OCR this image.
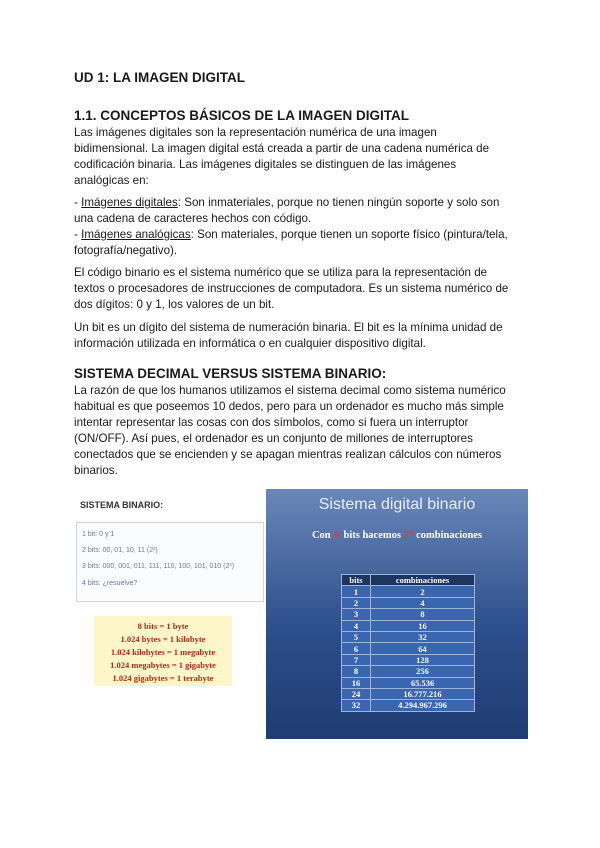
UD 1: LA IMAGEN DIGITAL
1.1. CONCEPTOS BÁSICOS DE LA IMAGEN DIGITAL

Las imágenes digitales son la representación numérica de una imagen

bidimensional. La imagen digital está creada a partir de una cadena numérica de

codificación binaria. Las imágenes digitales se distinguen de las imágenes

analógicas en:

- Imágenes digitales: Son inmateriales, porque no tienen ningún soporte y solo son

una cadena de caracteres hechos con código.

- Imágenes analógicas: Son materiales, porque tienen un soporte físico (pintura/tela,

fotografía/negativo).

El código binario es el sistema numérico que se utiliza para la representación de

textos o procesadores de instrucciones de computadora. Es un sistema numérico de

dos dígitos: 0 y 1, los valores de un bit.

Un bit es un dígito del sistema de numeración binaria. El bit es la mínima unidad de

información utilizada en informática o en cualquier dispositivo digital.

SISTEMA DECIMAL VERSUS SISTEMA BINARIO:

La razón de que los humanos utilizamos el sistema decimal como sistema numérico

habitual es que poseemos 10 dedos, pero para un ordenador es mucho más simple

intentar representar las cosas con dos símbolos, como si fuera un interruptor

(ON/OFF). Así pues, el ordenador es un conjunto de millones de interruptores

conectados que se encienden y se apagan mientras realizan cálculos con números

binarios.

SISTEMA BINARIO:
1 bit: 0 y 1
2 bits: 00, 01, 10, 11 (2²)
3 bits: 000, 001, 011, 111, 110, 100, 101, 010 (2³)
4 bits: ¿resuelve?
8 bits = 1 byte
1.024 bytes = 1 kilobyte
1.024 kilobytes = 1 megabyte
1.024 megabytes = 1 gigabyte
1.024 gigabytes = 1 terabyte
Sistema digital binario
Con N bits hacemos 2ᴺ combinaciones
bits	combinaciones
1	2
2	4
3	8
4	16
5	32
6	64
7	128
8	256
16	65.536
24	16.777.216
32	4.294.967.296
